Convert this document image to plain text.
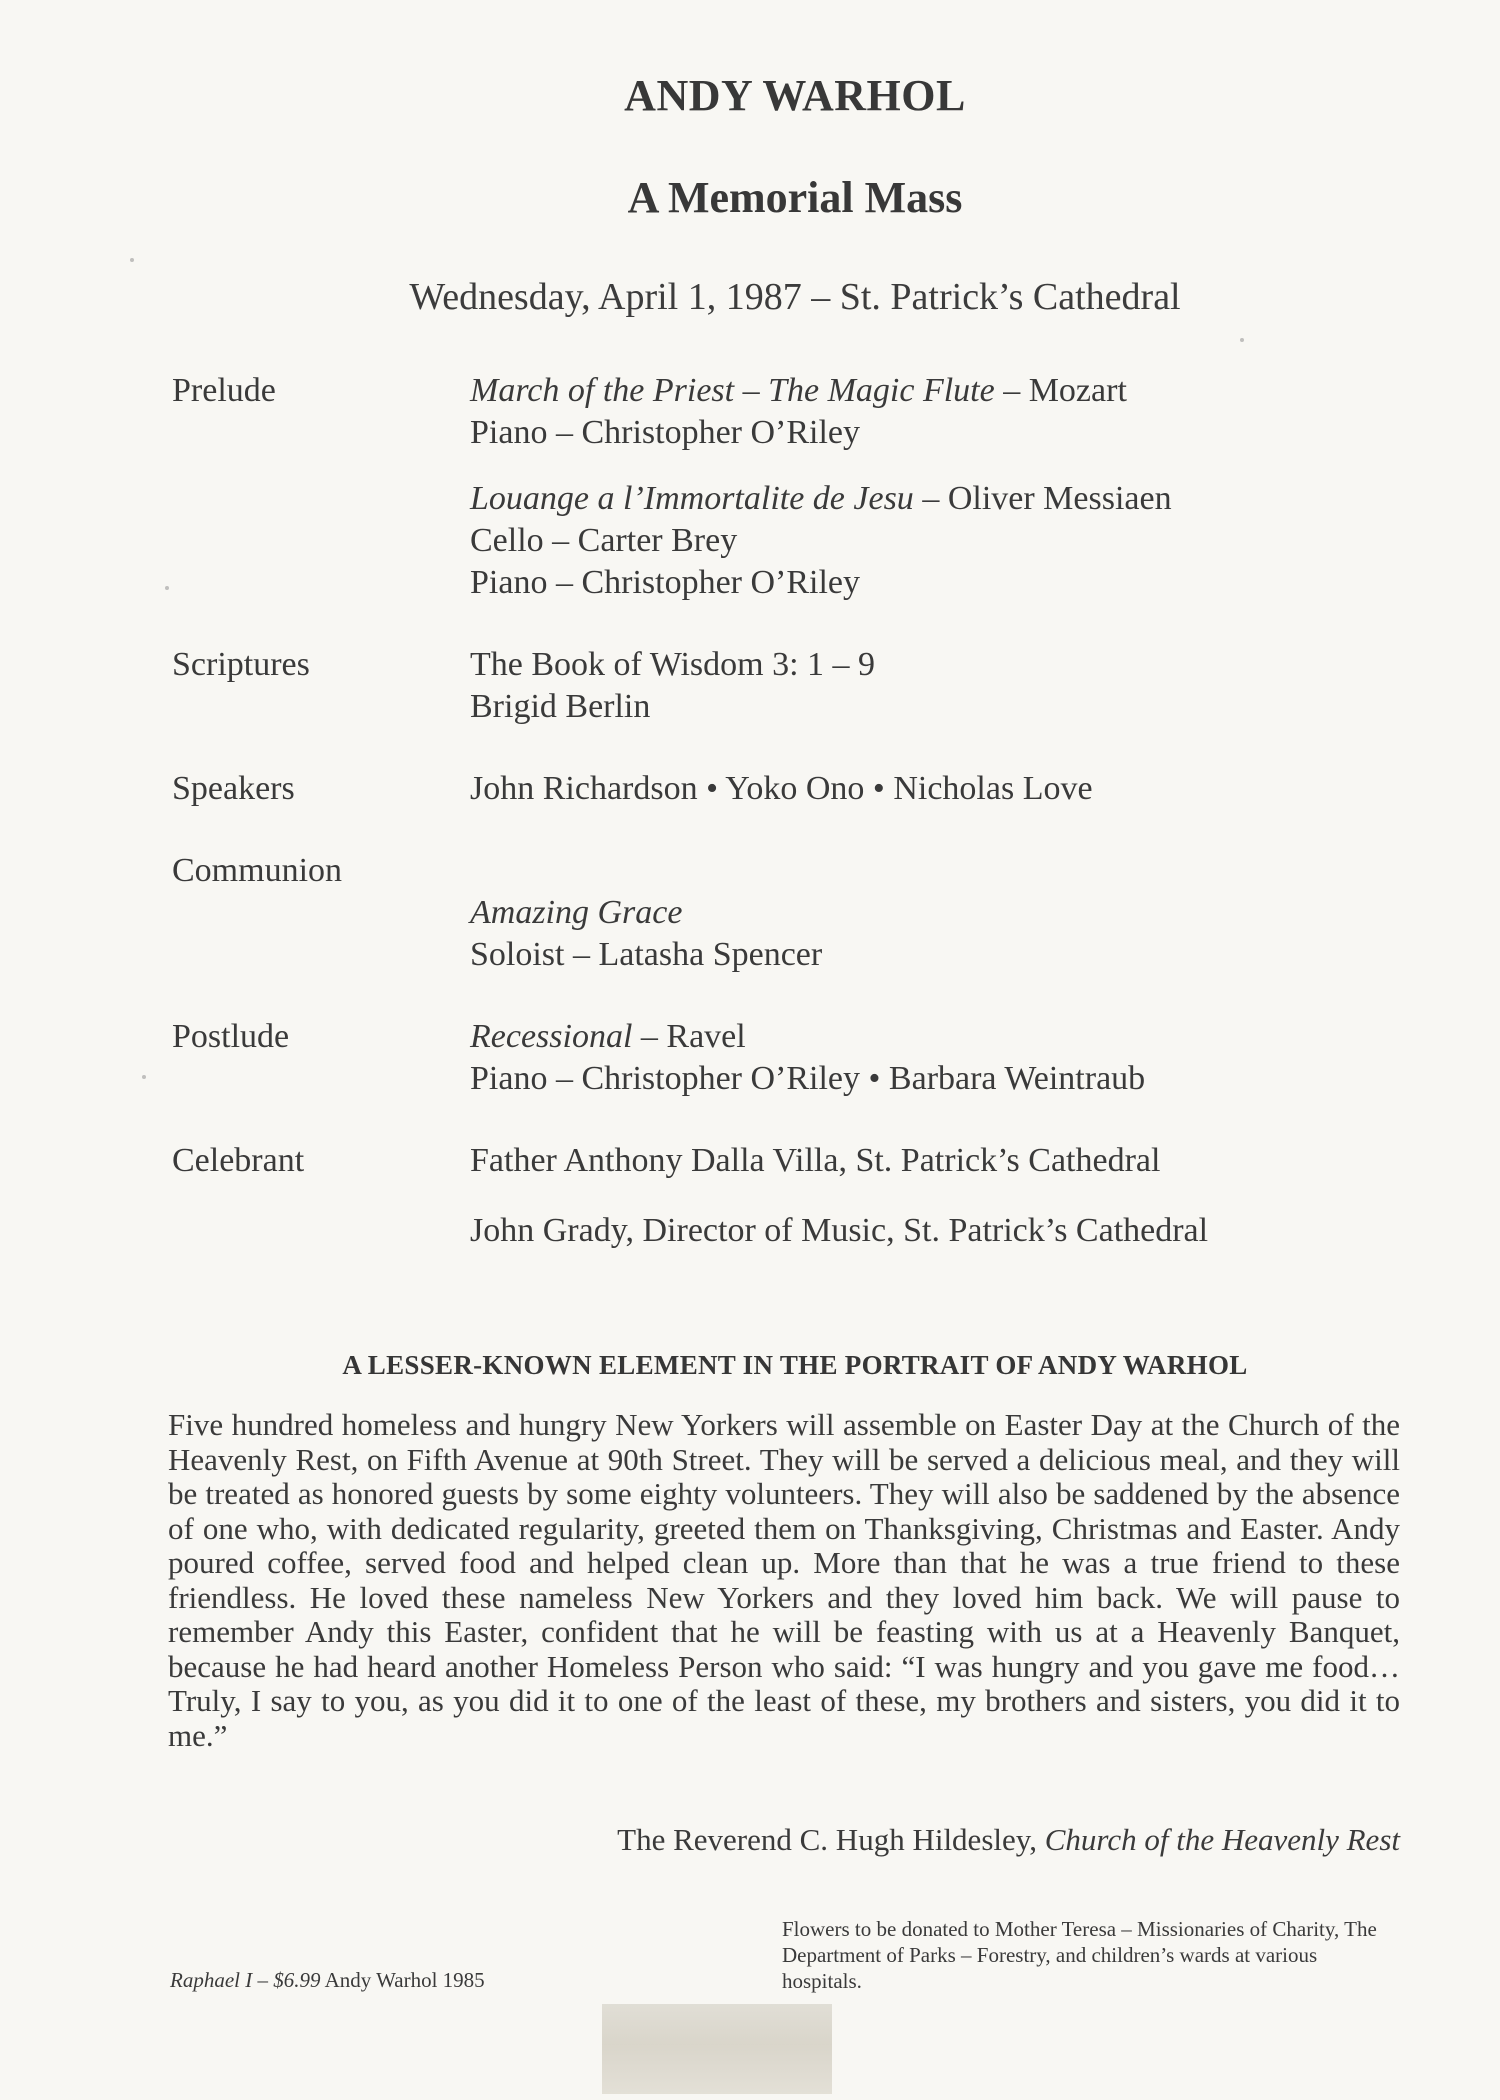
ANDY WARHOL
A Memorial Mass
Wednesday, April 1, 1987 – St. Patrick’s Cathedral
Prelude	March of the Priest – The Magic Flute – Mozart
Piano – Christopher O’Riley
Louange a l’Immortalite de Jesu – Oliver Messiaen
Cello – Carter Brey
Piano – Christopher O’Riley
Scriptures	The Book of Wisdom 3: 1 – 9
Brigid Berlin
Speakers	John Richardson • Yoko Ono • Nicholas Love
Communion
Amazing Grace
Soloist – Latasha Spencer
Postlude	Recessional – Ravel
Piano – Christopher O’Riley • Barbara Weintraub
Celebrant	Father Anthony Dalla Villa, St. Patrick’s Cathedral
John Grady, Director of Music, St. Patrick’s Cathedral
A LESSER-KNOWN ELEMENT IN THE PORTRAIT OF ANDY WARHOL
Five hundred homeless and hungry New Yorkers will assemble on Easter Day at the Church of the Heavenly Rest, on Fifth Avenue at 90th Street. They will be served a delicious meal, and they will be treated as honored guests by some eighty volunteers. They will also be saddened by the absence of one who, with dedicated regularity, greeted them on Thanksgiving, Christmas and Easter. Andy poured coffee, served food and helped clean up. More than that he was a true friend to these friendless. He loved these nameless New Yorkers and they loved him back. We will pause to remember Andy this Easter, confident that he will be feasting with us at a Heavenly Banquet, because he had heard another Homeless Person who said: “I was hungry and you gave me food…Truly, I say to you, as you did it to one of the least of these, my brothers and sisters, you did it to me.”
The Reverend C. Hugh Hildesley, Church of the Heavenly Rest
Raphael I – $6.99 Andy Warhol 1985
Flowers to be donated to Mother Teresa – Missionaries of Charity, The Department of Parks – Forestry, and children’s wards at various hospitals.
